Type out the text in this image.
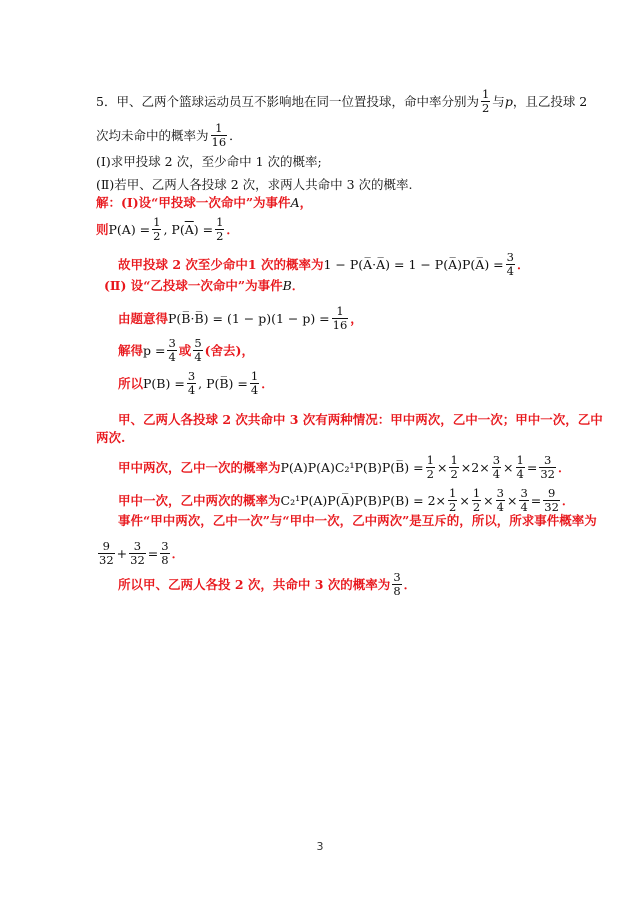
5．甲、乙两个篮球运动员互不影响地在同一位置投球，命中率分别为 $\frac{1}{2}$ 与 p ，且乙投球 2
次均未命中的概率为 $\frac{1}{16}$ ．
(Ⅰ)求甲投球 2 次，至少命中 1 次的概率;
(Ⅱ)若甲、乙两人各投球 2 次，求两人共命中 3 次的概率.
解：(Ⅰ)设“甲投球一次命中”为事件 A ，
则 $P(A) = \frac{1}{2}$ , P( $\overline{A}$ ) = $\frac{1}{2}$ ．
故甲投球 2 次至少命中1 次的概率为 1 − P(A̅·A̅) = 1 − P(A̅)P(A̅) = $\frac{3}{4}$ ．
(Ⅱ) 设“乙投球一次命中”为事件 B ．
由题意得 P(B̅·B̅) = $(1 - p)(1 - p) = \frac{1}{16}$ ，
解得 $p = \frac{3}{4}$ 或 $\frac{5}{4}$ (舍去)，
所以 $P(B) = \frac{3}{4}$ , P(B̅) = $\frac{1}{4}$ ．
甲、乙两人各投球 2 次共命中 3 次有两种情况：甲中两次，乙中一次；甲中一次，乙中
两次.
甲中两次，乙中一次的概率为 P(A)P(A)C₂¹P(B)P(B̅) = $\frac{1}{2} \times \frac{1}{2} \times 2\times \frac{3}{4} \times \frac{1}{4} = \frac{3}{32}$ ．
甲中一次，乙中两次的概率为 C₂¹P(A)P(A̅)P(B)P(B) = $2\times \frac{1}{2} \times \frac{1}{2} \times \frac{3}{4} \times \frac{3}{4} = \frac{9}{32}$ ．
事件“甲中两次，乙中一次”与“甲中一次，乙中两次”是互斥的，所以，所求事件概率为
$\frac{9}{32} + \frac{3}{32} = \frac{3}{8}$ ．
所以甲、乙两人各投 2 次，共命中 3 次的概率为 $\frac{3}{8}$ ．
3
